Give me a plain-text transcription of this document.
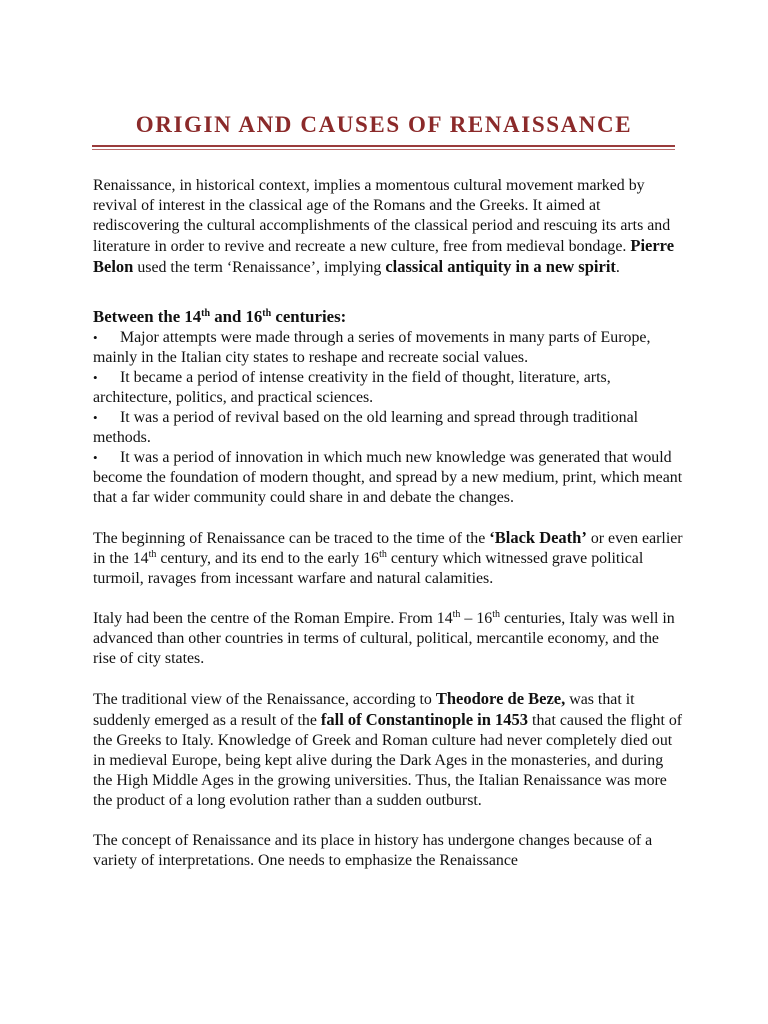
ORIGIN AND CAUSES OF RENAISSANCE

Renaissance, in historical context, implies a momentous cultural movement marked by revival of interest in the classical age of the Romans and the Greeks. It aimed at rediscovering the cultural accomplishments of the classical period and rescuing its arts and literature in order to revive and recreate a new culture, free from medieval bondage. Pierre Belon used the term ‘Renaissance’, implying classical antiquity in a new spirit.

Between the 14th and 16th centuries:

• Major attempts were made through a series of movements in many parts of Europe, mainly in the Italian city states to reshape and recreate social values.
• It became a period of intense creativity in the field of thought, literature, arts, architecture, politics, and practical sciences.
• It was a period of revival based on the old learning and spread through traditional methods.
• It was a period of innovation in which much new knowledge was generated that would become the foundation of modern thought, and spread by a new medium, print, which meant that a far wider community could share in and debate the changes.

The beginning of Renaissance can be traced to the time of the ‘Black Death’ or even earlier in the 14th century, and its end to the early 16th century which witnessed grave political turmoil, ravages from incessant warfare and natural calamities.

Italy had been the centre of the Roman Empire. From 14th – 16th centuries, Italy was well in advanced than other countries in terms of cultural, political, mercantile economy, and the rise of city states.

The traditional view of the Renaissance, according to Theodore de Beze, was that it suddenly emerged as a result of the fall of Constantinople in 1453 that caused the flight of the Greeks to Italy. Knowledge of Greek and Roman culture had never completely died out in medieval Europe, being kept alive during the Dark Ages in the monasteries, and during the High Middle Ages in the growing universities. Thus, the Italian Renaissance was more the product of a long evolution rather than a sudden outburst.

The concept of Renaissance and its place in history has undergone changes because of a variety of interpretations. One needs to emphasize the Renaissance
